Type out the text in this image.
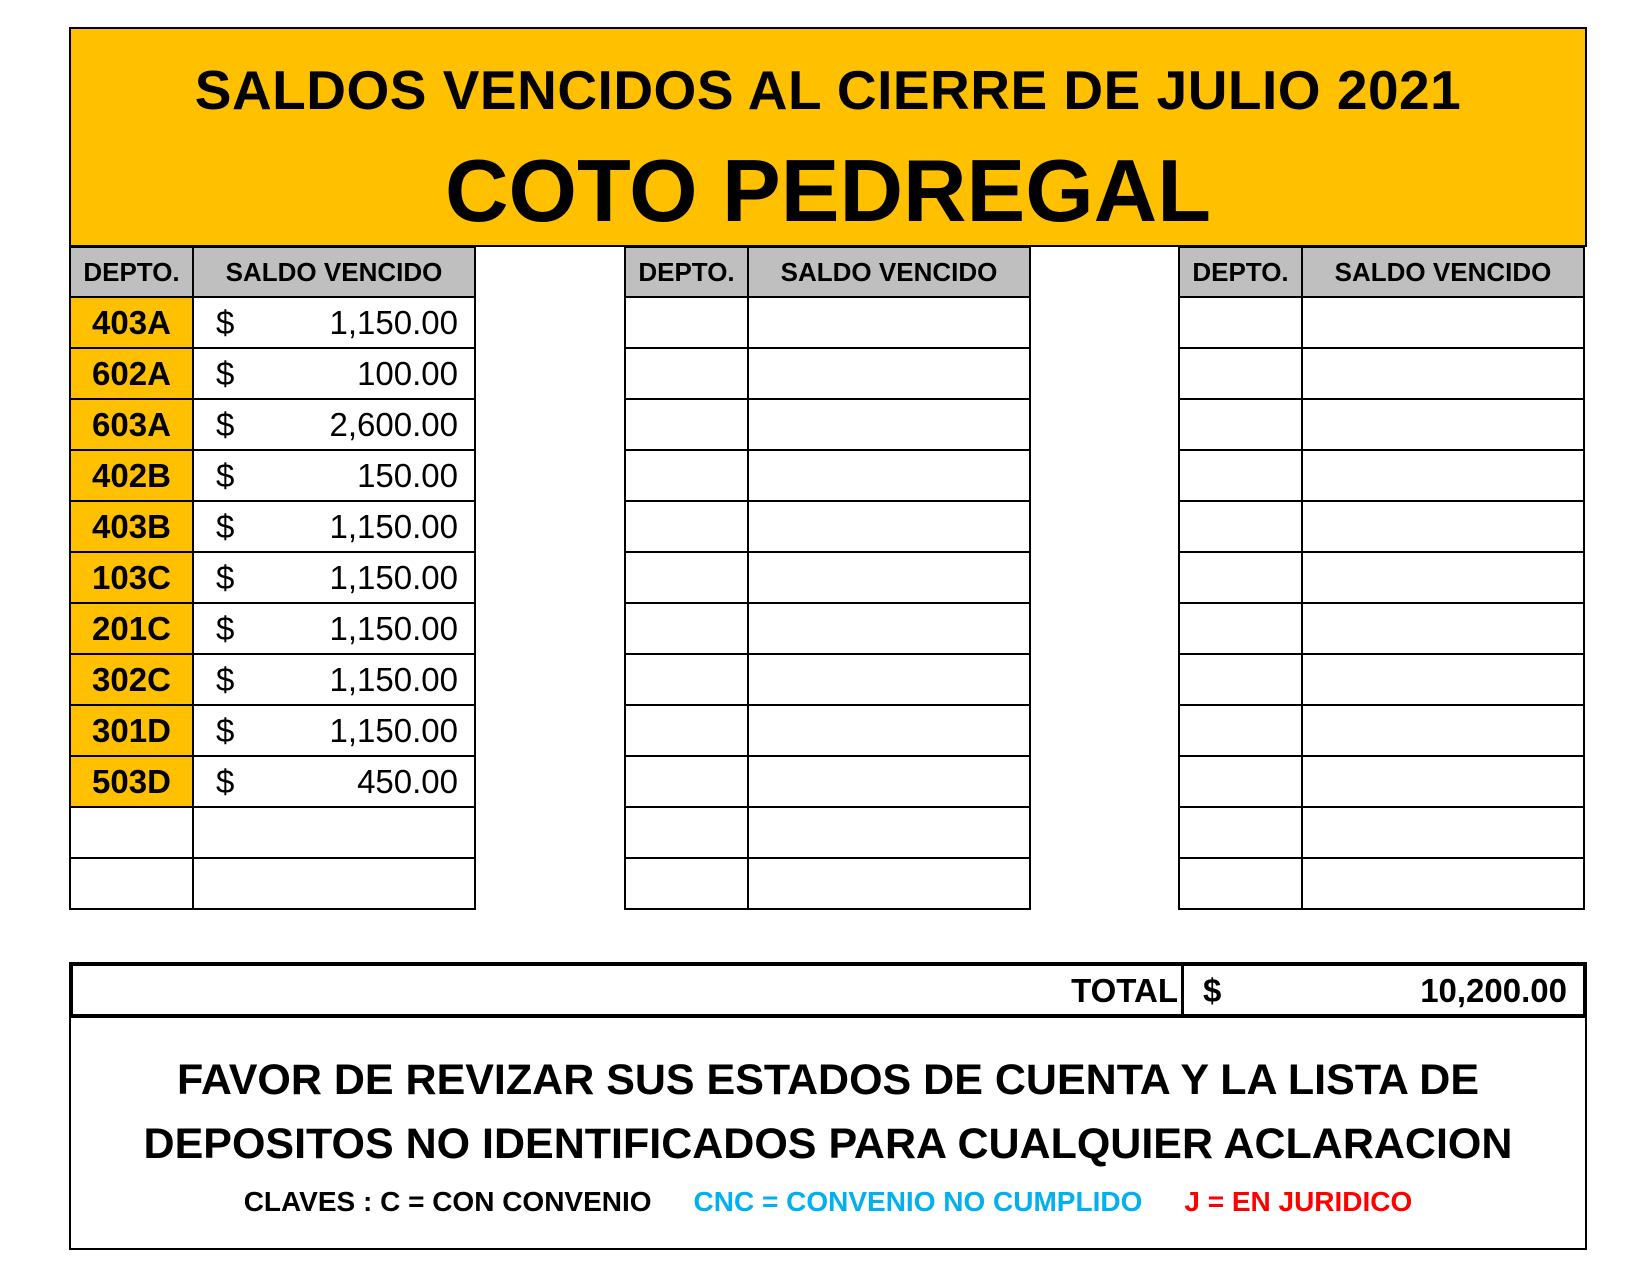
SALDOS VENCIDOS AL CIERRE DE JULIO 2021
COTO PEDREGAL
DEPTO.	SALDO VENCIDO
403A	$ 1,150.00

602A	$ 100.00

603A	$ 2,600.00

402B	$ 150.00

403B	$ 1,150.00

103C	$ 1,150.00

201C	$ 1,150.00

302C	$ 1,150.00

301D	$ 1,150.00

503D	$ 450.00

DEPTO.	SALDO VENCIDO

		DEPTO.	SALDO VENCIDO

TOTAL $	10,200.00
FAVOR DE REVIZAR SUS ESTADOS DE CUENTA Y LA LISTA DE
DEPOSITOS NO IDENTIFICADOS PARA CUALQUIER ACLARACION
CLAVES : C = CON CONVENIO CNC = CONVENIO NO CUMPLIDO J = EN JURIDICO
